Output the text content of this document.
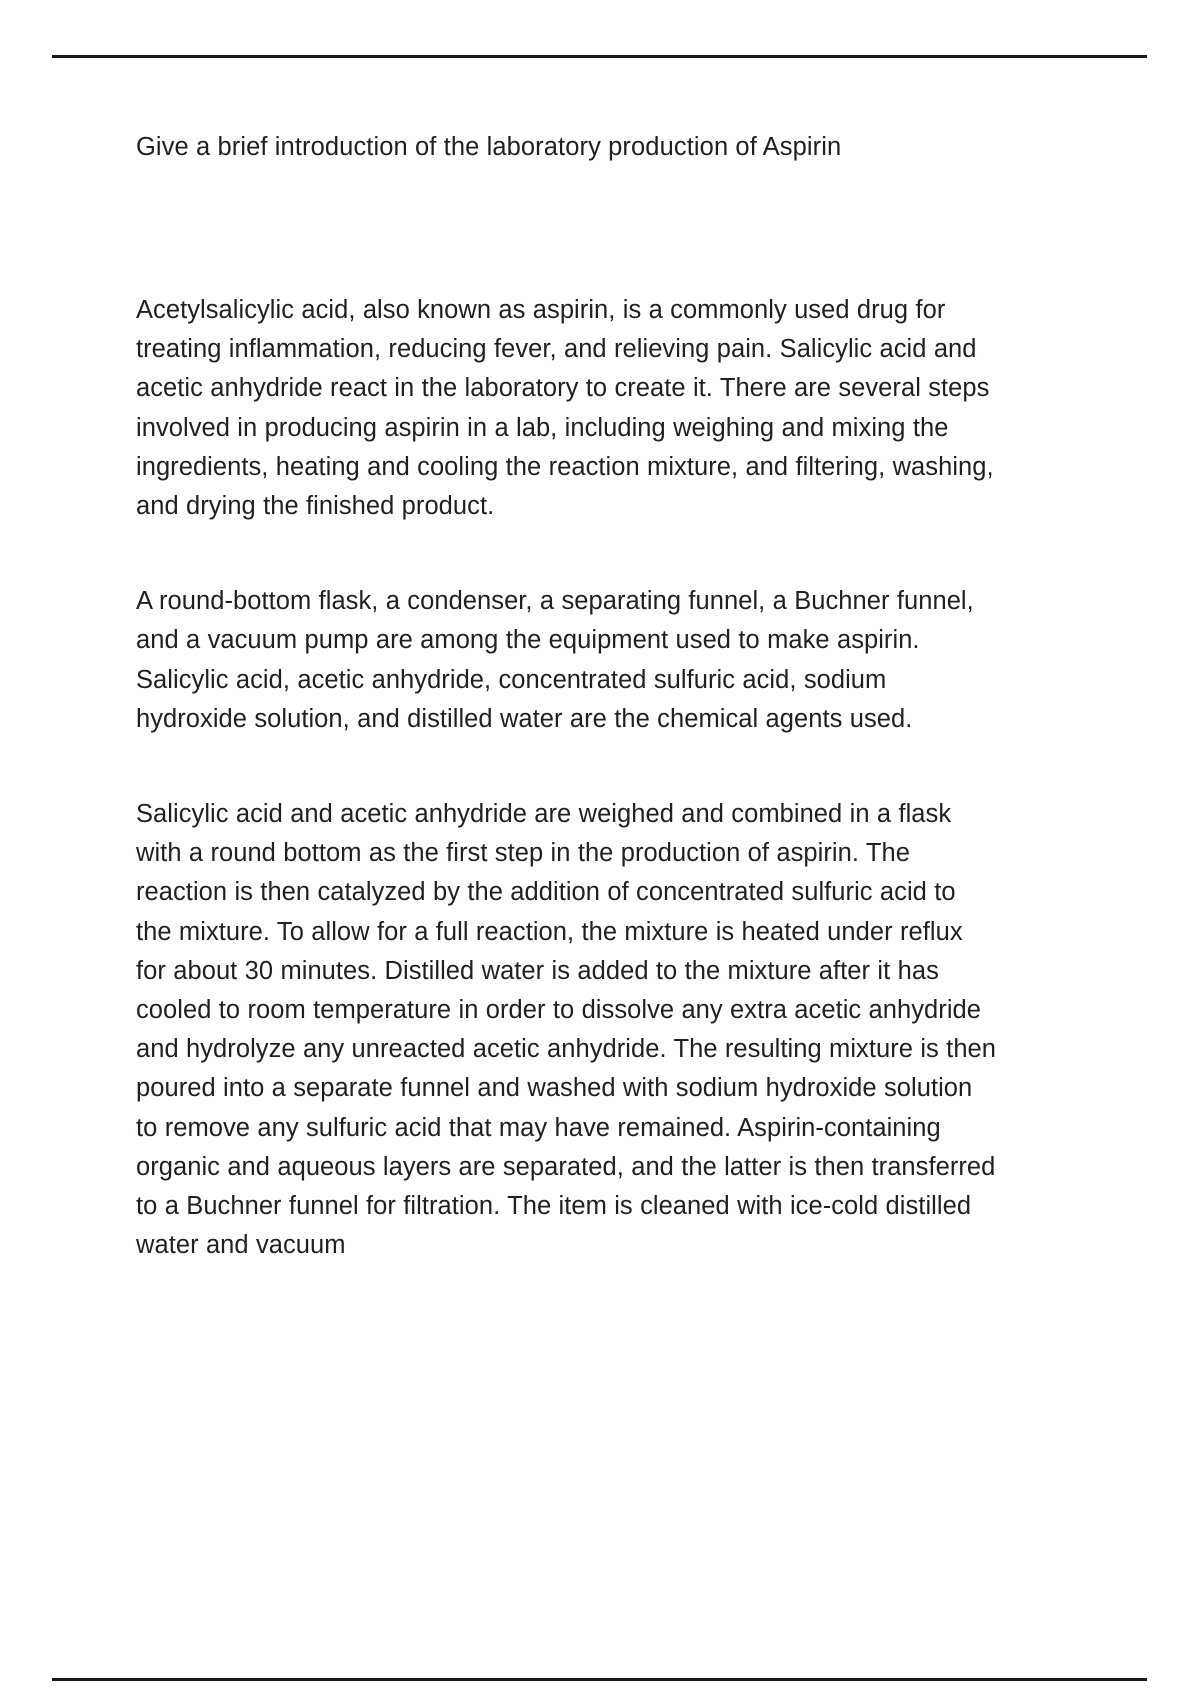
Give a brief introduction of the laboratory production of Aspirin

Acetylsalicylic acid, also known as aspirin, is a commonly used drug for treating inflammation, reducing fever, and relieving pain. Salicylic acid and acetic anhydride react in the laboratory to create it. There are several steps involved in producing aspirin in a lab, including weighing and mixing the ingredients, heating and cooling the reaction mixture, and filtering, washing, and drying the finished product.

A round-bottom flask, a condenser, a separating funnel, a Buchner funnel, and a vacuum pump are among the equipment used to make aspirin. Salicylic acid, acetic anhydride, concentrated sulfuric acid, sodium hydroxide solution, and distilled water are the chemical agents used.

Salicylic acid and acetic anhydride are weighed and combined in a flask with a round bottom as the first step in the production of aspirin. The reaction is then catalyzed by the addition of concentrated sulfuric acid to the mixture. To allow for a full reaction, the mixture is heated under reflux for about 30 minutes. Distilled water is added to the mixture after it has cooled to room temperature in order to dissolve any extra acetic anhydride and hydrolyze any unreacted acetic anhydride. The resulting mixture is then poured into a separate funnel and washed with sodium hydroxide solution to remove any sulfuric acid that may have remained. Aspirin-containing organic and aqueous layers are separated, and the latter is then transferred to a Buchner funnel for filtration. The item is cleaned with ice-cold distilled water and vacuum
